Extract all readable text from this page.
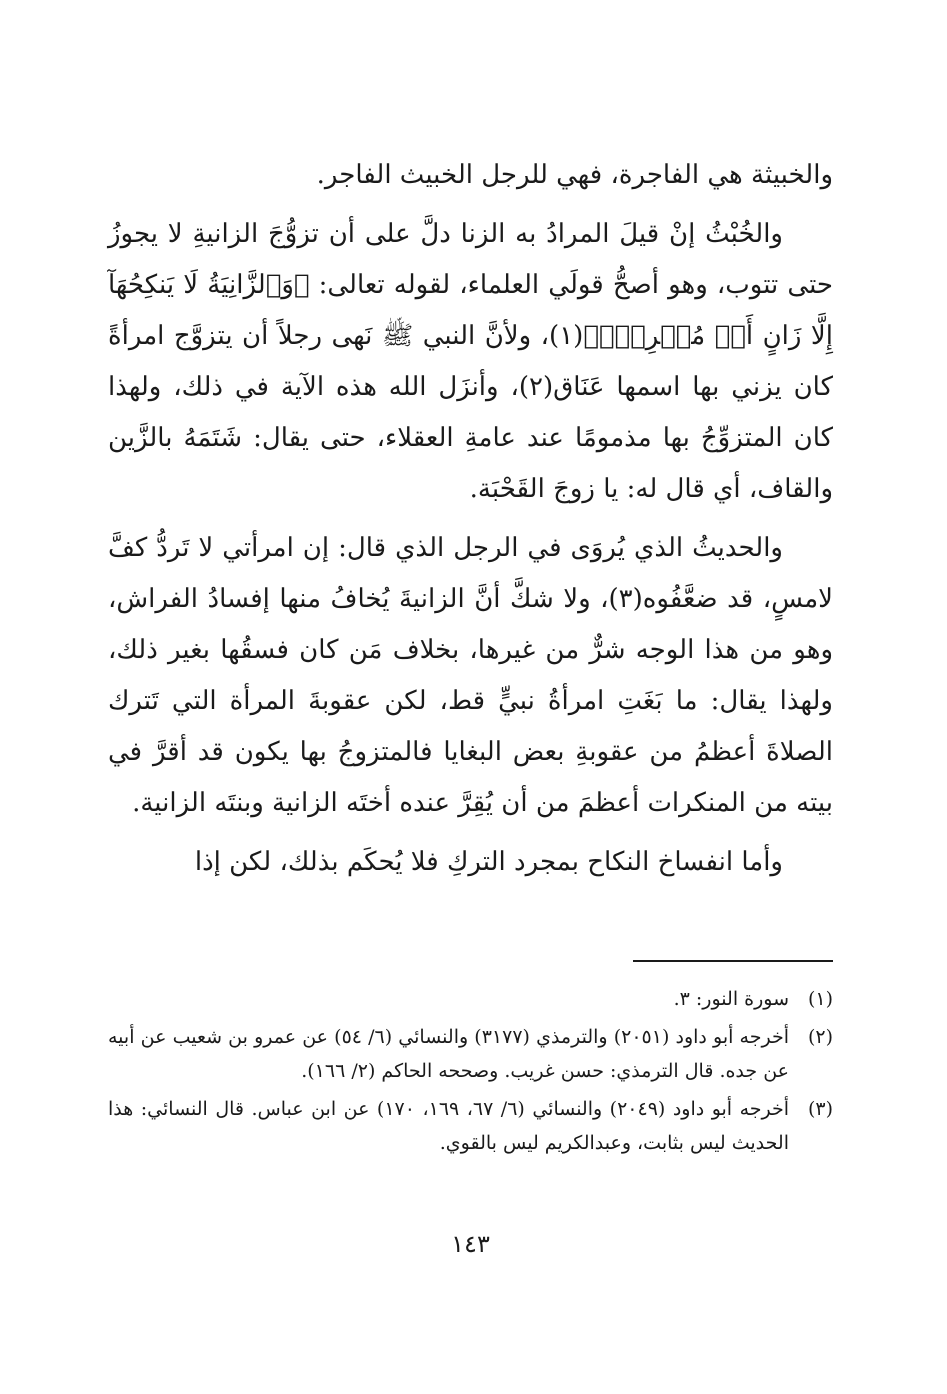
والخبيثة هي الفاجرة، فهي للرجل الخبيث الفاجر.

والخُبْثُ إنْ قيلَ المرادُ به الزنا دلَّ على أن تزوُّجَ الزانيةِ لا يجوزُ حتى تتوب، وهو أصحُّ قولَي العلماء، لقوله تعالى: ﴿وَٱلزَّانِيَةُ لَا يَنكِحُهَآ إِلَّا زَانٍ أَوۡ مُشۡرِكٞۚ﴾(١)، ولأنَّ النبي ﷺ نَهى رجلاً أن يتزوَّج امرأةً كان يزني بها اسمها عَنَاق(٢)، وأنزَل الله هذه الآية في ذلك، ولهذا كان المتزوِّجُ بها مذمومًا عند عامةِ العقلاء، حتى يقال: شَتَمَهُ بالزَّين والقاف، أي قال له: يا زوجَ القَحْبَة.

والحديثُ الذي يُروَى في الرجل الذي قال: إن امرأتي لا تَردُّ كفَّ لامسٍ، قد ضعَّفُوه(٣)، ولا شكَّ أنَّ الزانيةَ يُخافُ منها إفسادُ الفراش، وهو من هذا الوجه شرٌّ من غيرها، بخلاف مَن كان فسقُها بغير ذلك، ولهذا يقال: ما بَغَتِ امرأةُ نبيٍّ قط، لكن عقوبةَ المرأة التي تَترك الصلاةَ أعظمُ من عقوبةِ بعض البغايا فالمتزوجُ بها يكون قد أقرَّ في بيته من المنكرات أعظمَ من أن يُقِرَّ عنده أختَه الزانية وبنتَه الزانية.

وأما انفساخ النكاح بمجرد التركِ فلا يُحكَم بذلك، لكن إذا

(١)
سورة النور: ٣.
(٢)
أخرجه أبو داود (٢٠٥١) والترمذي (٣١٧٧) والنسائي (٦/ ٥٤) عن عمرو بن شعيب عن أبيه عن جده. قال الترمذي: حسن غريب. وصححه الحاكم (٢/ ١٦٦).
(٣)
أخرجه أبو داود (٢٠٤٩) والنسائي (٦/ ٦٧، ١٦٩، ١٧٠) عن ابن عباس. قال النسائي: هذا الحديث ليس بثابت، وعبدالكريم ليس بالقوي.
١٤٣
